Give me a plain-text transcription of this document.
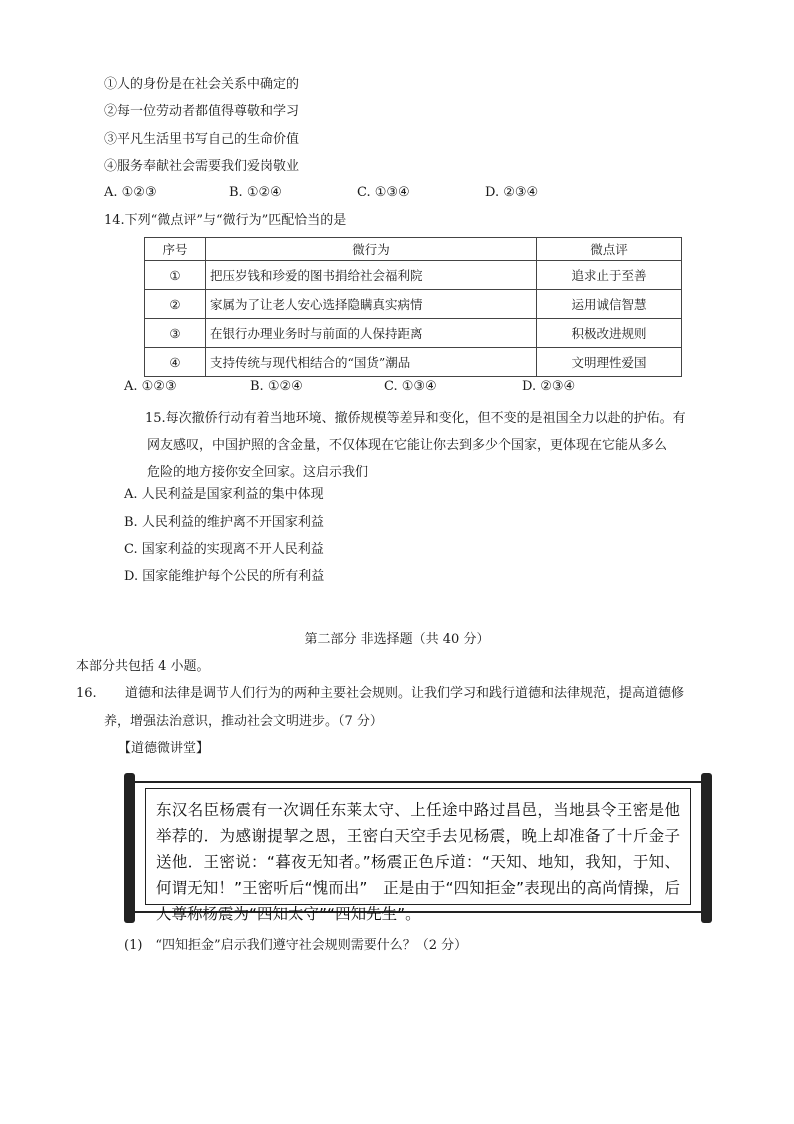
①人的身份是在社会关系中确定的
②每一位劳动者都值得尊敬和学习
③平凡生活里书写自己的生命价值
④服务奉献社会需要我们爱岗敬业
A. ①②③	B. ①②④	C. ①③④	D. ②③④
14.下列“微点评”与“微行为”匹配恰当的是
序号	微行为	微点评
①	把压岁钱和珍爱的图书捐给社会福利院	追求止于至善
②	家属为了让老人安心选择隐瞒真实病情	运用诚信智慧
③	在银行办理业务时与前面的人保持距离	积极改进规则
④	支持传统与现代相结合的“国货”潮品	文明理性爱国
A. ①②③	B. ①②④	C. ①③④	D. ②③④
15.每次撤侨行动有着当地环境、撤侨规模等差异和变化，但不变的是祖国全力以赴的护佑。有
网友感叹，中国护照的含金量，不仅体现在它能让你去到多少个国家，更体现在它能从多么
危险的地方接你安全回家。这启示我们
A. 人民利益是国家利益的集中体现
B. 人民利益的维护离不开国家利益
C. 国家利益的实现离不开人民利益
D. 国家能维护每个公民的所有利益
第二部分 非选择题（共 40 分）
本部分共包括 4 小题。
16. 道德和法律是调节人们行为的两种主要社会规则。让我们学习和践行道德和法律规范，提高道德修
养，增强法治意识，推动社会文明进步。（7 分）
【道德微讲堂】
东汉名臣杨震有一次调任东莱太守、上任途中路过昌邑，当地县令王密是他举荐的．为感谢提挈之恩，王密白天空手去见杨震，晚上却准备了十斤金子送他．王密说：“暮夜无知者。”杨震正色斥道：“天知、地知，我知，于知、何谓无知！”王密听后“愧而出”　正是由于“四知拒金”表现出的高尚情操，后人尊称杨震为“四知太守”“四知先生”。
(1)　“四知拒金”启示我们遵守社会规则需要什么？（2 分）
